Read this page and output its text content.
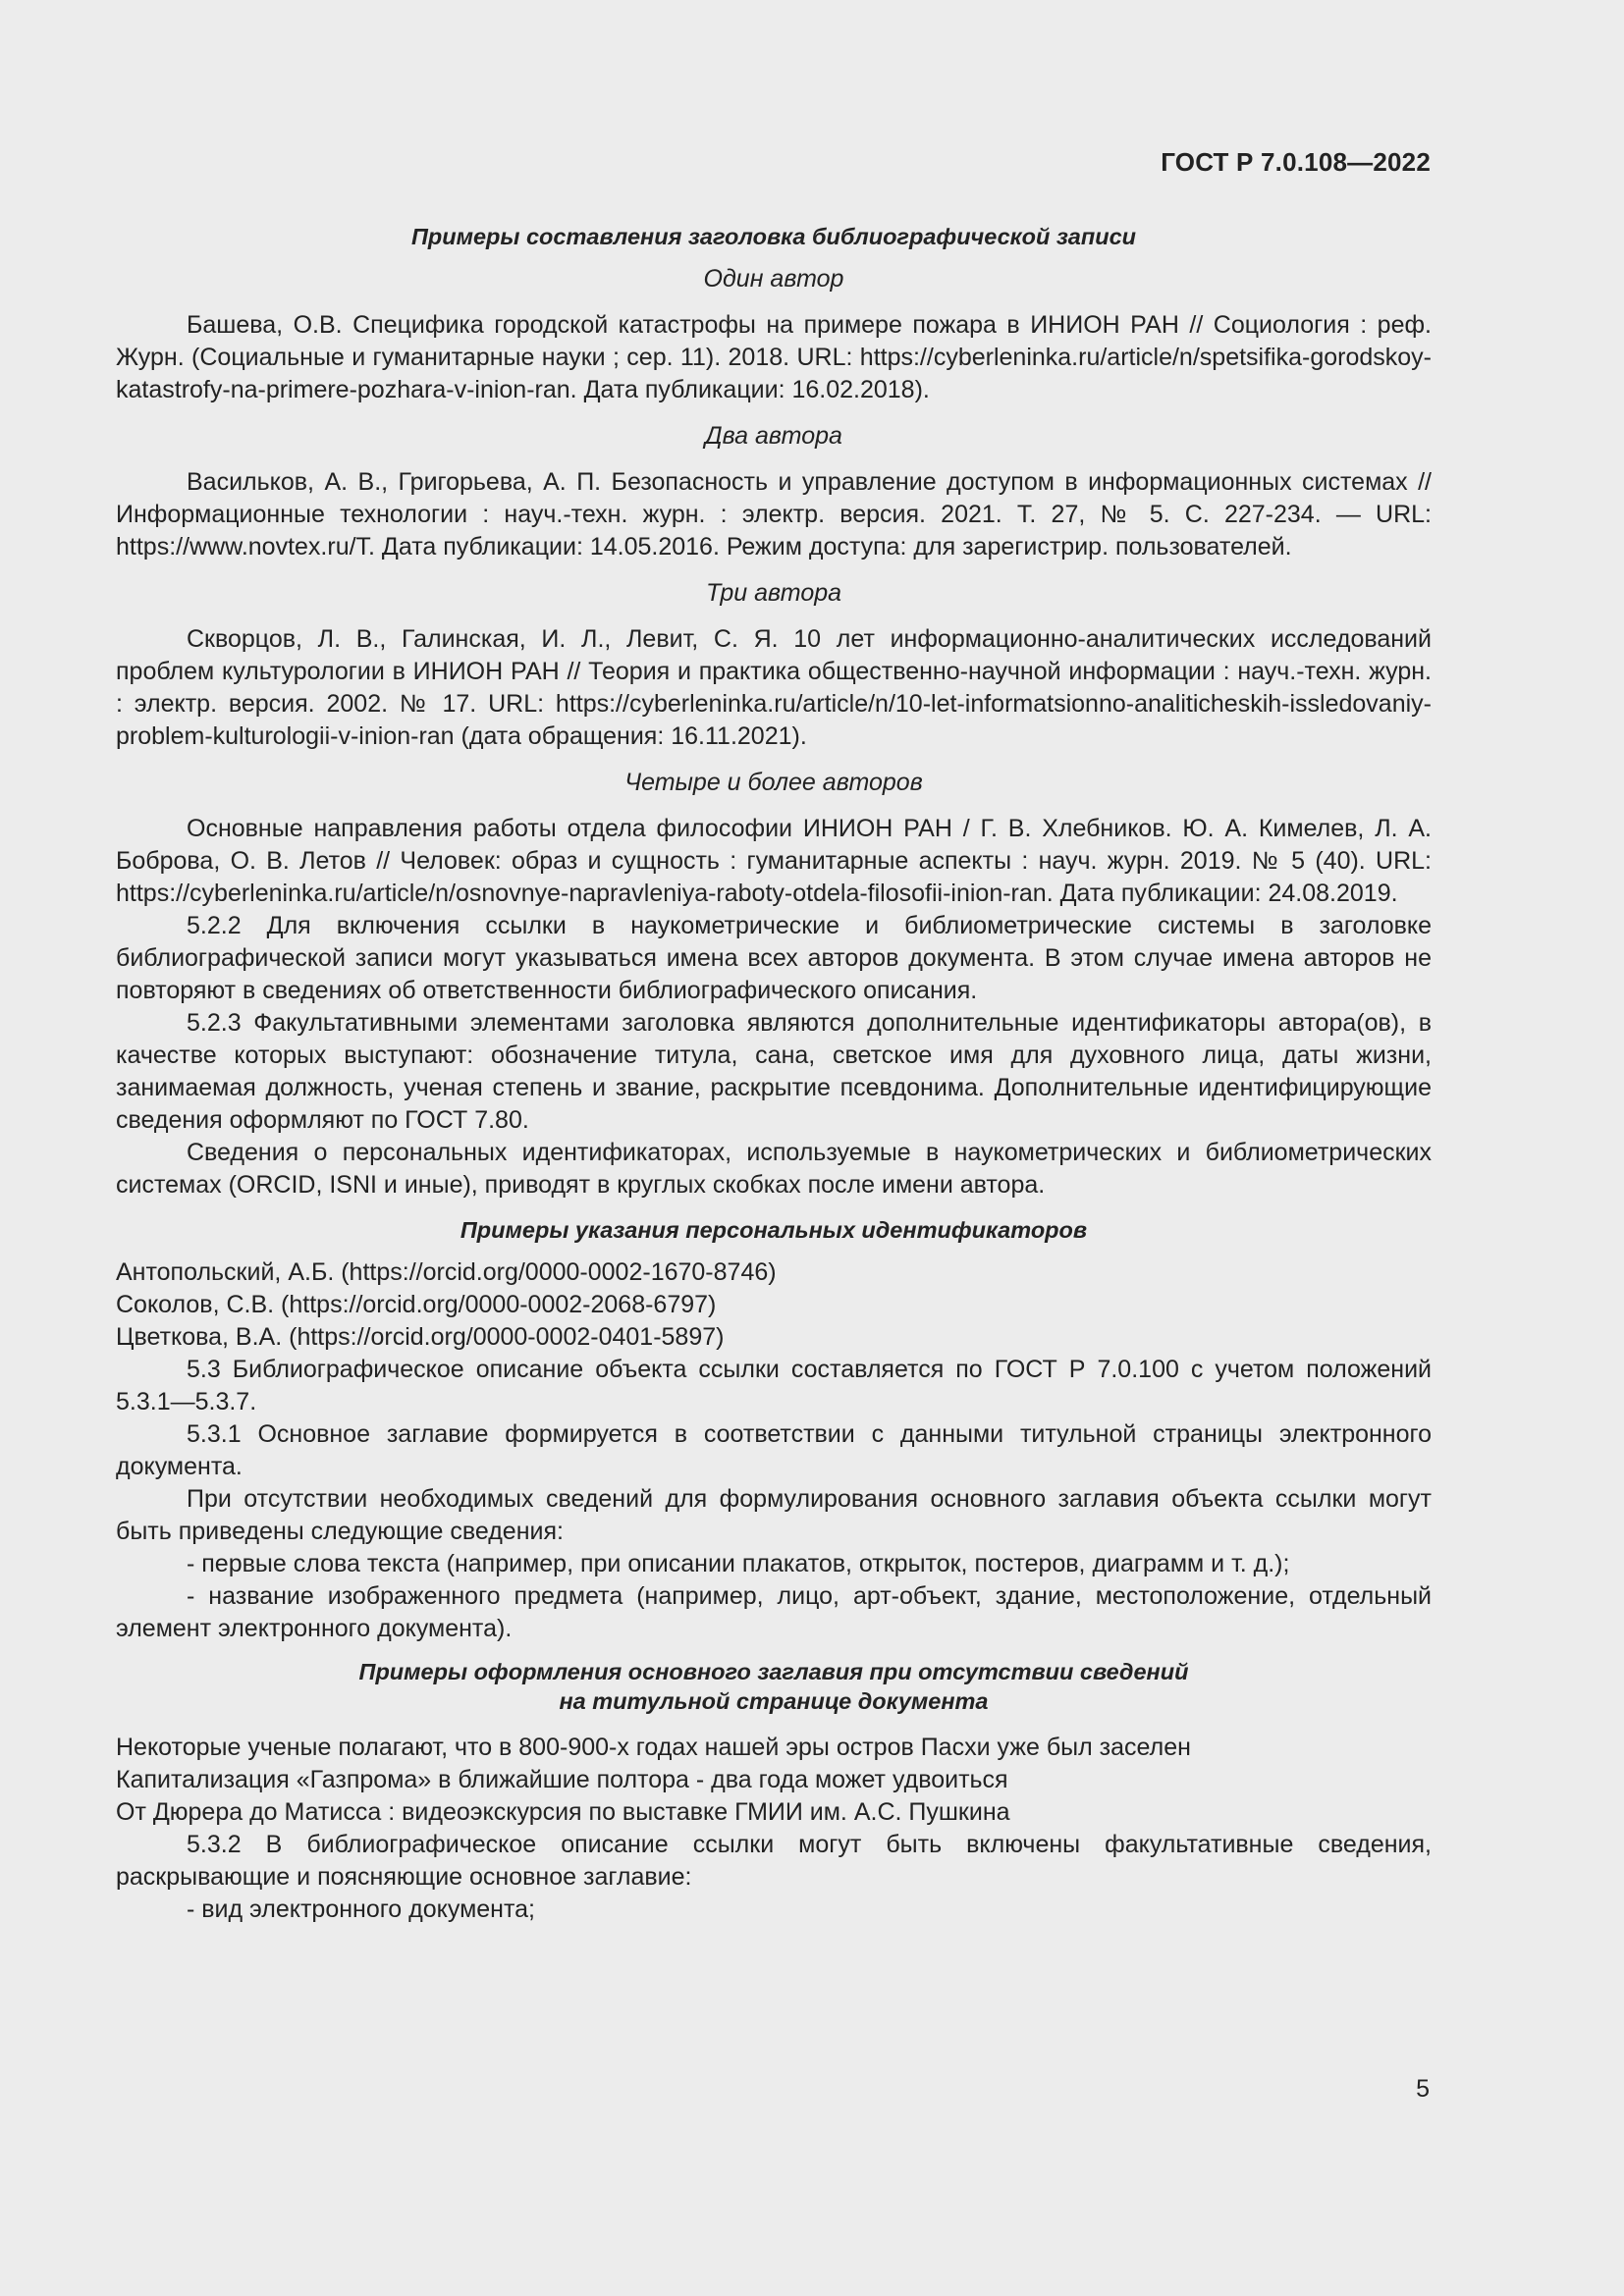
ГОСТ Р 7.0.108—2022
Примеры составления заголовка библиографической записи
Один автор

Башева, О.В. Специфика городской катастрофы на примере пожара в ИНИОН РАН // Социология : реф. Журн. (Социальные и гуманитарные науки ; сер. 11). 2018. URL: https://cyberleninka.ru/article/n/spetsifika-gorodskoy-katastrofy-na-primere-pozhara-v-inion-ran. Дата публикации: 16.02.2018).

Два автора

Васильков, А. В., Григорьева, А. П. Безопасность и управление доступом в информационных системах // Информационные технологии : науч.-техн. журн. : электр. версия. 2021. Т. 27, № 5. С. 227-234. — URL: https://www.novtex.ru/T. Дата публикации: 14.05.2016. Режим доступа: для зарегистрир. пользователей.

Три автора

Скворцов, Л. В., Галинская, И. Л., Левит, С. Я. 10 лет информационно-аналитических исследований проблем культурологии в ИНИОН РАН // Теория и практика общественно-научной информации : науч.-техн. журн. : электр. версия. 2002. № 17. URL: https://cyberleninka.ru/article/n/10-let-informatsionno-analiticheskih-issledovaniy-problem-kulturologii-v-inion-ran (дата обращения: 16.11.2021).

Четыре и более авторов

Основные направления работы отдела философии ИНИОН РАН / Г. В. Хлебников. Ю. А. Кимелев, Л. А. Боброва, О. В. Летов // Человек: образ и сущность : гуманитарные аспекты : науч. журн. 2019. № 5 (40). URL: https://cyberleninka.ru/article/n/osnovnye-napravleniya-raboty-otdela-filosofii-inion-ran. Дата публикации: 24.08.2019.

5.2.2 Для включения ссылки в наукометрические и библиометрические системы в заголовке библиографической записи могут указываться имена всех авторов документа. В этом случае имена авторов не повторяют в сведениях об ответственности библиографического описания.

5.2.3 Факультативными элементами заголовка являются дополнительные идентификаторы автора(ов), в качестве которых выступают: обозначение титула, сана, светское имя для духовного лица, даты жизни, занимаемая должность, ученая степень и звание, раскрытие псевдонима. Дополнительные идентифицирующие сведения оформляют по ГОСТ 7.80.

Сведения о персональных идентификаторах, используемые в наукометрических и библиометрических системах (ORCID, ISNI и иные), приводят в круглых скобках после имени автора.

Примеры указания персональных идентификаторов

Антопольский, А.Б. (https://orcid.org/0000-0002-1670-8746)

Соколов, С.В. (https://orcid.org/0000-0002-2068-6797)

Цветкова, В.А. (https://orcid.org/0000-0002-0401-5897)

5.3 Библиографическое описание объекта ссылки составляется по ГОСТ Р 7.0.100 с учетом положений 5.3.1—5.3.7.

5.3.1 Основное заглавие формируется в соответствии с данными титульной страницы электронного документа.

При отсутствии необходимых сведений для формулирования основного заглавия объекта ссылки могут быть приведены следующие сведения:

- первые слова текста (например, при описании плакатов, открыток, постеров, диаграмм и т. д.);

- название изображенного предмета (например, лицо, арт-объект, здание, местоположение, отдельный элемент электронного документа).

Примеры оформления основного заглавия при отсутствии сведений
на титульной странице документа

Некоторые ученые полагают, что в 800-900-х годах нашей эры остров Пасхи уже был заселен

Капитализация «Газпрома» в ближайшие полтора - два года может удвоиться

От Дюрера до Матисса : видеоэкскурсия по выставке ГМИИ им. А.С. Пушкина

5.3.2 В библиографическое описание ссылки могут быть включены факультативные сведения, раскрывающие и поясняющие основное заглавие:

- вид электронного документа;

5
